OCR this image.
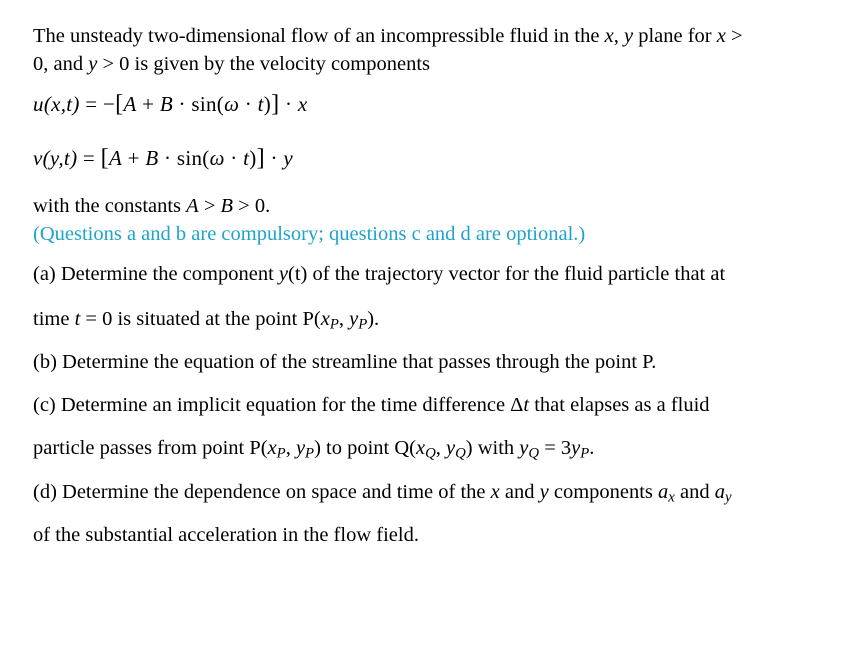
The unsteady two-dimensional flow of an incompressible fluid in the x, y plane for x >
0, and y > 0 is given by the velocity components
u(x,t) = −[A + B · sin(ω · t)] · x
v(y,t) = [A + B · sin(ω · t)] · y
with the constants A > B > 0.
(Questions a and b are compulsory; questions c and d are optional.)
(a) Determine the component y(t) of the trajectory vector for the fluid particle that at
time t = 0 is situated at the point $P(x_P$, $y_P$).
(b) Determine the equation of the streamline that passes through the point P.
(c) Determine an implicit equation for the time difference Δt that elapses as a fluid
particle passes from point $P(x_P$, $y_P$) to point $Q(x_Q$, $y_Q$) with $y_Q = 3y_P$.
(d) Determine the dependence on space and time of the x and y components $a_x$ and $a_y$
of the substantial acceleration in the flow field.
